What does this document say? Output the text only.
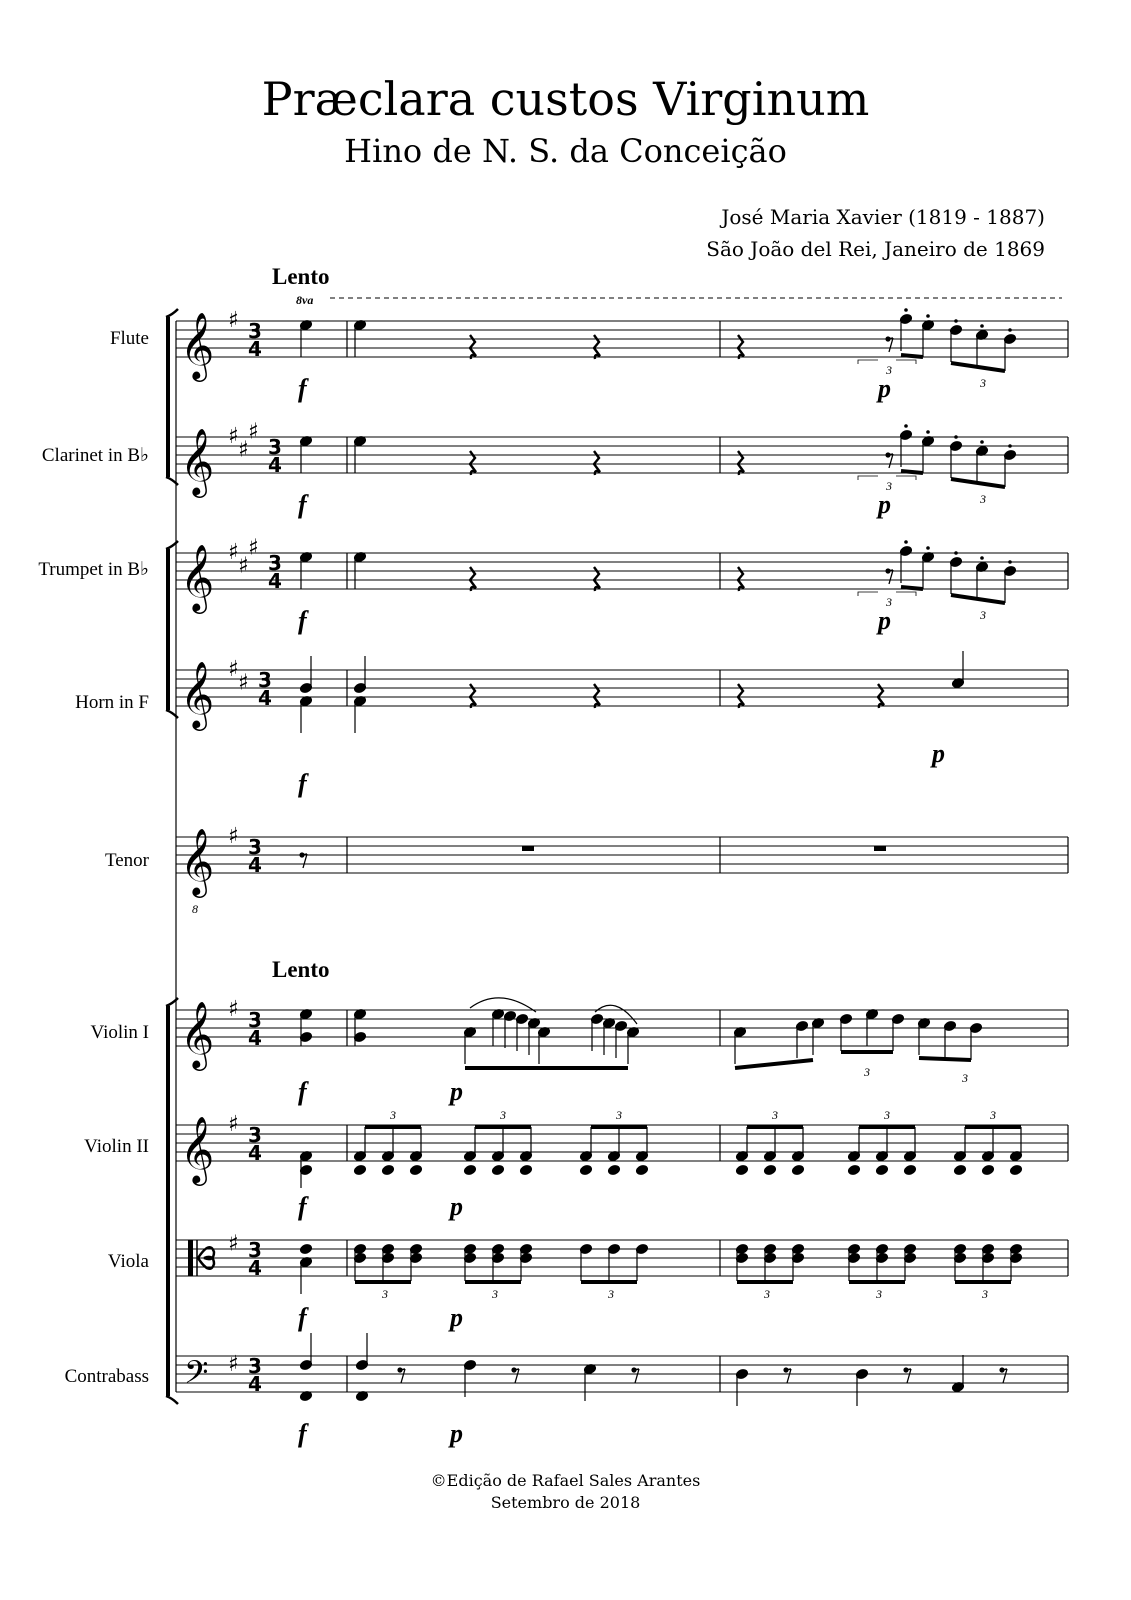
Præclara custos Virginum
Hino de N. S. da Conceição
José Maria Xavier (1819 - 1887)
São João del Rei, Janeiro de 1869
Lento
Lento
Flute
Clarinet in B♭
Trumpet in B♭
Horn in F
Tenor
Violin I
Violin II
Viola
Contrabass
©Edição de Rafael Sales Arantes
Setembro de 2018
𝄞 ♯ 3
4
𝄞 ♯
♯
♯
3
4
𝄞 ♯
♯
♯
3
4
𝄞 ♯
♯ 3
4
𝄞
8
♯ 3
4
𝄞 ♯ 3
4
𝄞 ♯ 3
4
♯ 3
4
𝄢 ♯ 3
4
8va
3
3
f	p
3
3
f	p
3
3
f	p
f
p
3	3
f	p
3	3	3	3	3	3
f	p
3	3	3	3	3	3
f	p
f	p
